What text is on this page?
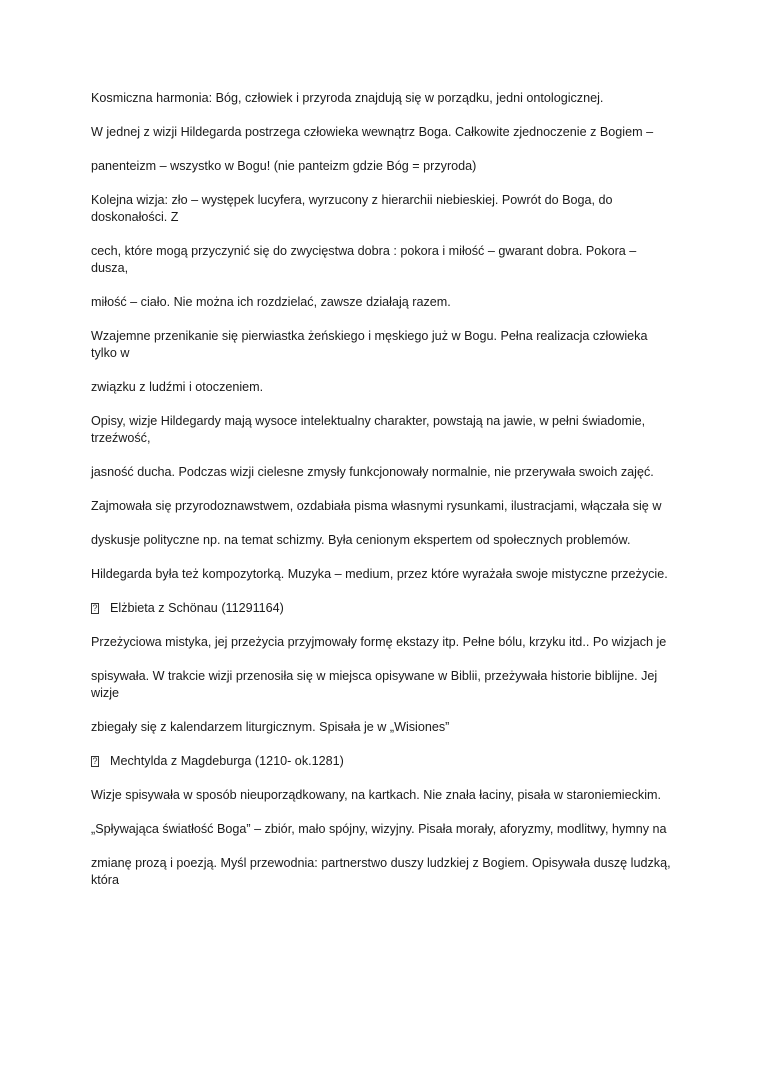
Kosmiczna harmonia: Bóg, człowiek i przyroda znajdują się w porządku, jedni ontologicznej.

W jednej z wizji Hildegarda postrzega człowieka wewnątrz Boga. Całkowite zjednoczenie z Bogiem –

panenteizm – wszystko w Bogu! (nie panteizm gdzie Bóg = przyroda)

Kolejna wizja: zło – występek lucyfera, wyrzucony z hierarchii niebieskiej. Powrót do Boga, do doskonałości. Z

cech, które mogą przyczynić się do zwycięstwa dobra : pokora i miłość – gwarant dobra. Pokora – dusza,

miłość – ciało. Nie można ich rozdzielać, zawsze działają razem.

Wzajemne przenikanie się pierwiastka żeńskiego i męskiego już w Bogu. Pełna realizacja człowieka tylko w

związku z ludźmi i otoczeniem.

Opisy, wizje Hildegardy mają wysoce intelektualny charakter, powstają na jawie, w pełni świadomie, trzeźwość,

jasność ducha. Podczas wizji cielesne zmysły funkcjonowały normalnie, nie przerywała swoich zajęć.

Zajmowała się przyrodoznawstwem, ozdabiała pisma własnymi rysunkami, ilustracjami, włączała się w

dyskusje polityczne np. na temat schizmy. Była cenionym ekspertem od społecznych problemów.

Hildegarda była też kompozytorką. Muzyka – medium, przez które wyrażała swoje mistyczne przeżycie.

?
Elżbieta z Schönau (11291164)

Przeżyciowa mistyka, jej przeżycia przyjmowały formę ekstazy itp. Pełne bólu, krzyku itd.. Po wizjach je

spisywała. W trakcie wizji przenosiła się w miejsca opisywane w Biblii, przeżywała historie biblijne. Jej wizje

zbiegały się z kalendarzem liturgicznym. Spisała je w „Wisiones”

?
Mechtylda z Magdeburga (1210- ok.1281)

Wizje spisywała w sposób nieuporządkowany, na kartkach. Nie znała łaciny, pisała w staroniemieckim.

„Spływająca światłość Boga” – zbiór, mało spójny, wizyjny. Pisała morały, aforyzmy, modlitwy, hymny na

zmianę prozą i poezją. Myśl przewodnia: partnerstwo duszy ludzkiej z Bogiem. Opisywała duszę ludzką, która
